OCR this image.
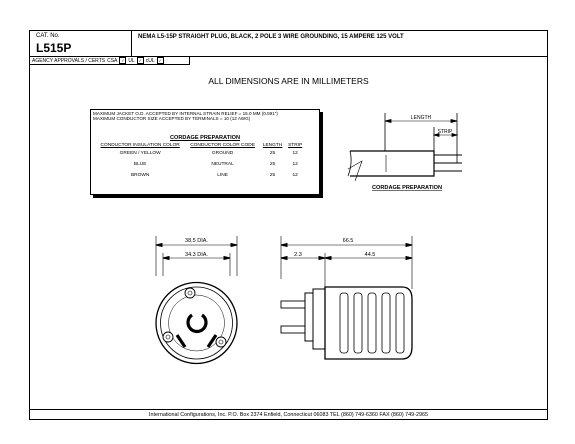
CAT. No.
L515P
NEMA L5-15P STRAIGHT PLUG, BLACK, 2 POLE 3 WIRE GROUNDING, 15 AMPERE 125 VOLT
AGENCY APPROVALS / CERTS CSA ✓ UL ✓ cUL ✓
ALL DIMENSIONS ARE IN MILLIMETERS
MAXIMUM JACKET O.D. ACCEPTED BY INTERNAL STRAIN RELIEF = 15.0 MM (0.591")
MAXIMUM CONDUCTOR SIZE ACCEPTED BY TERMINALS = 10 (12 AWG)
CORDAGE PREPARATION
CONDUCTOR INSULATION COLOR	CONDUCTOR COLOR CODE	LENGTH	STRIP
GREEN / YELLOW	GROUND	25	12
BLUE	NEUTRAL	25	12
BROWN	LINE	25	12
LENGTH
STRIP
CORDAGE PREPARATION
38.5 DIA.
34.3 DIA.
66.5
2.3	44.5
International Configurations, Inc. P.O. Box 2374 Enfield, Connecticut 06083 TEL (860) 749-6360 FAX (860) 749-2965
